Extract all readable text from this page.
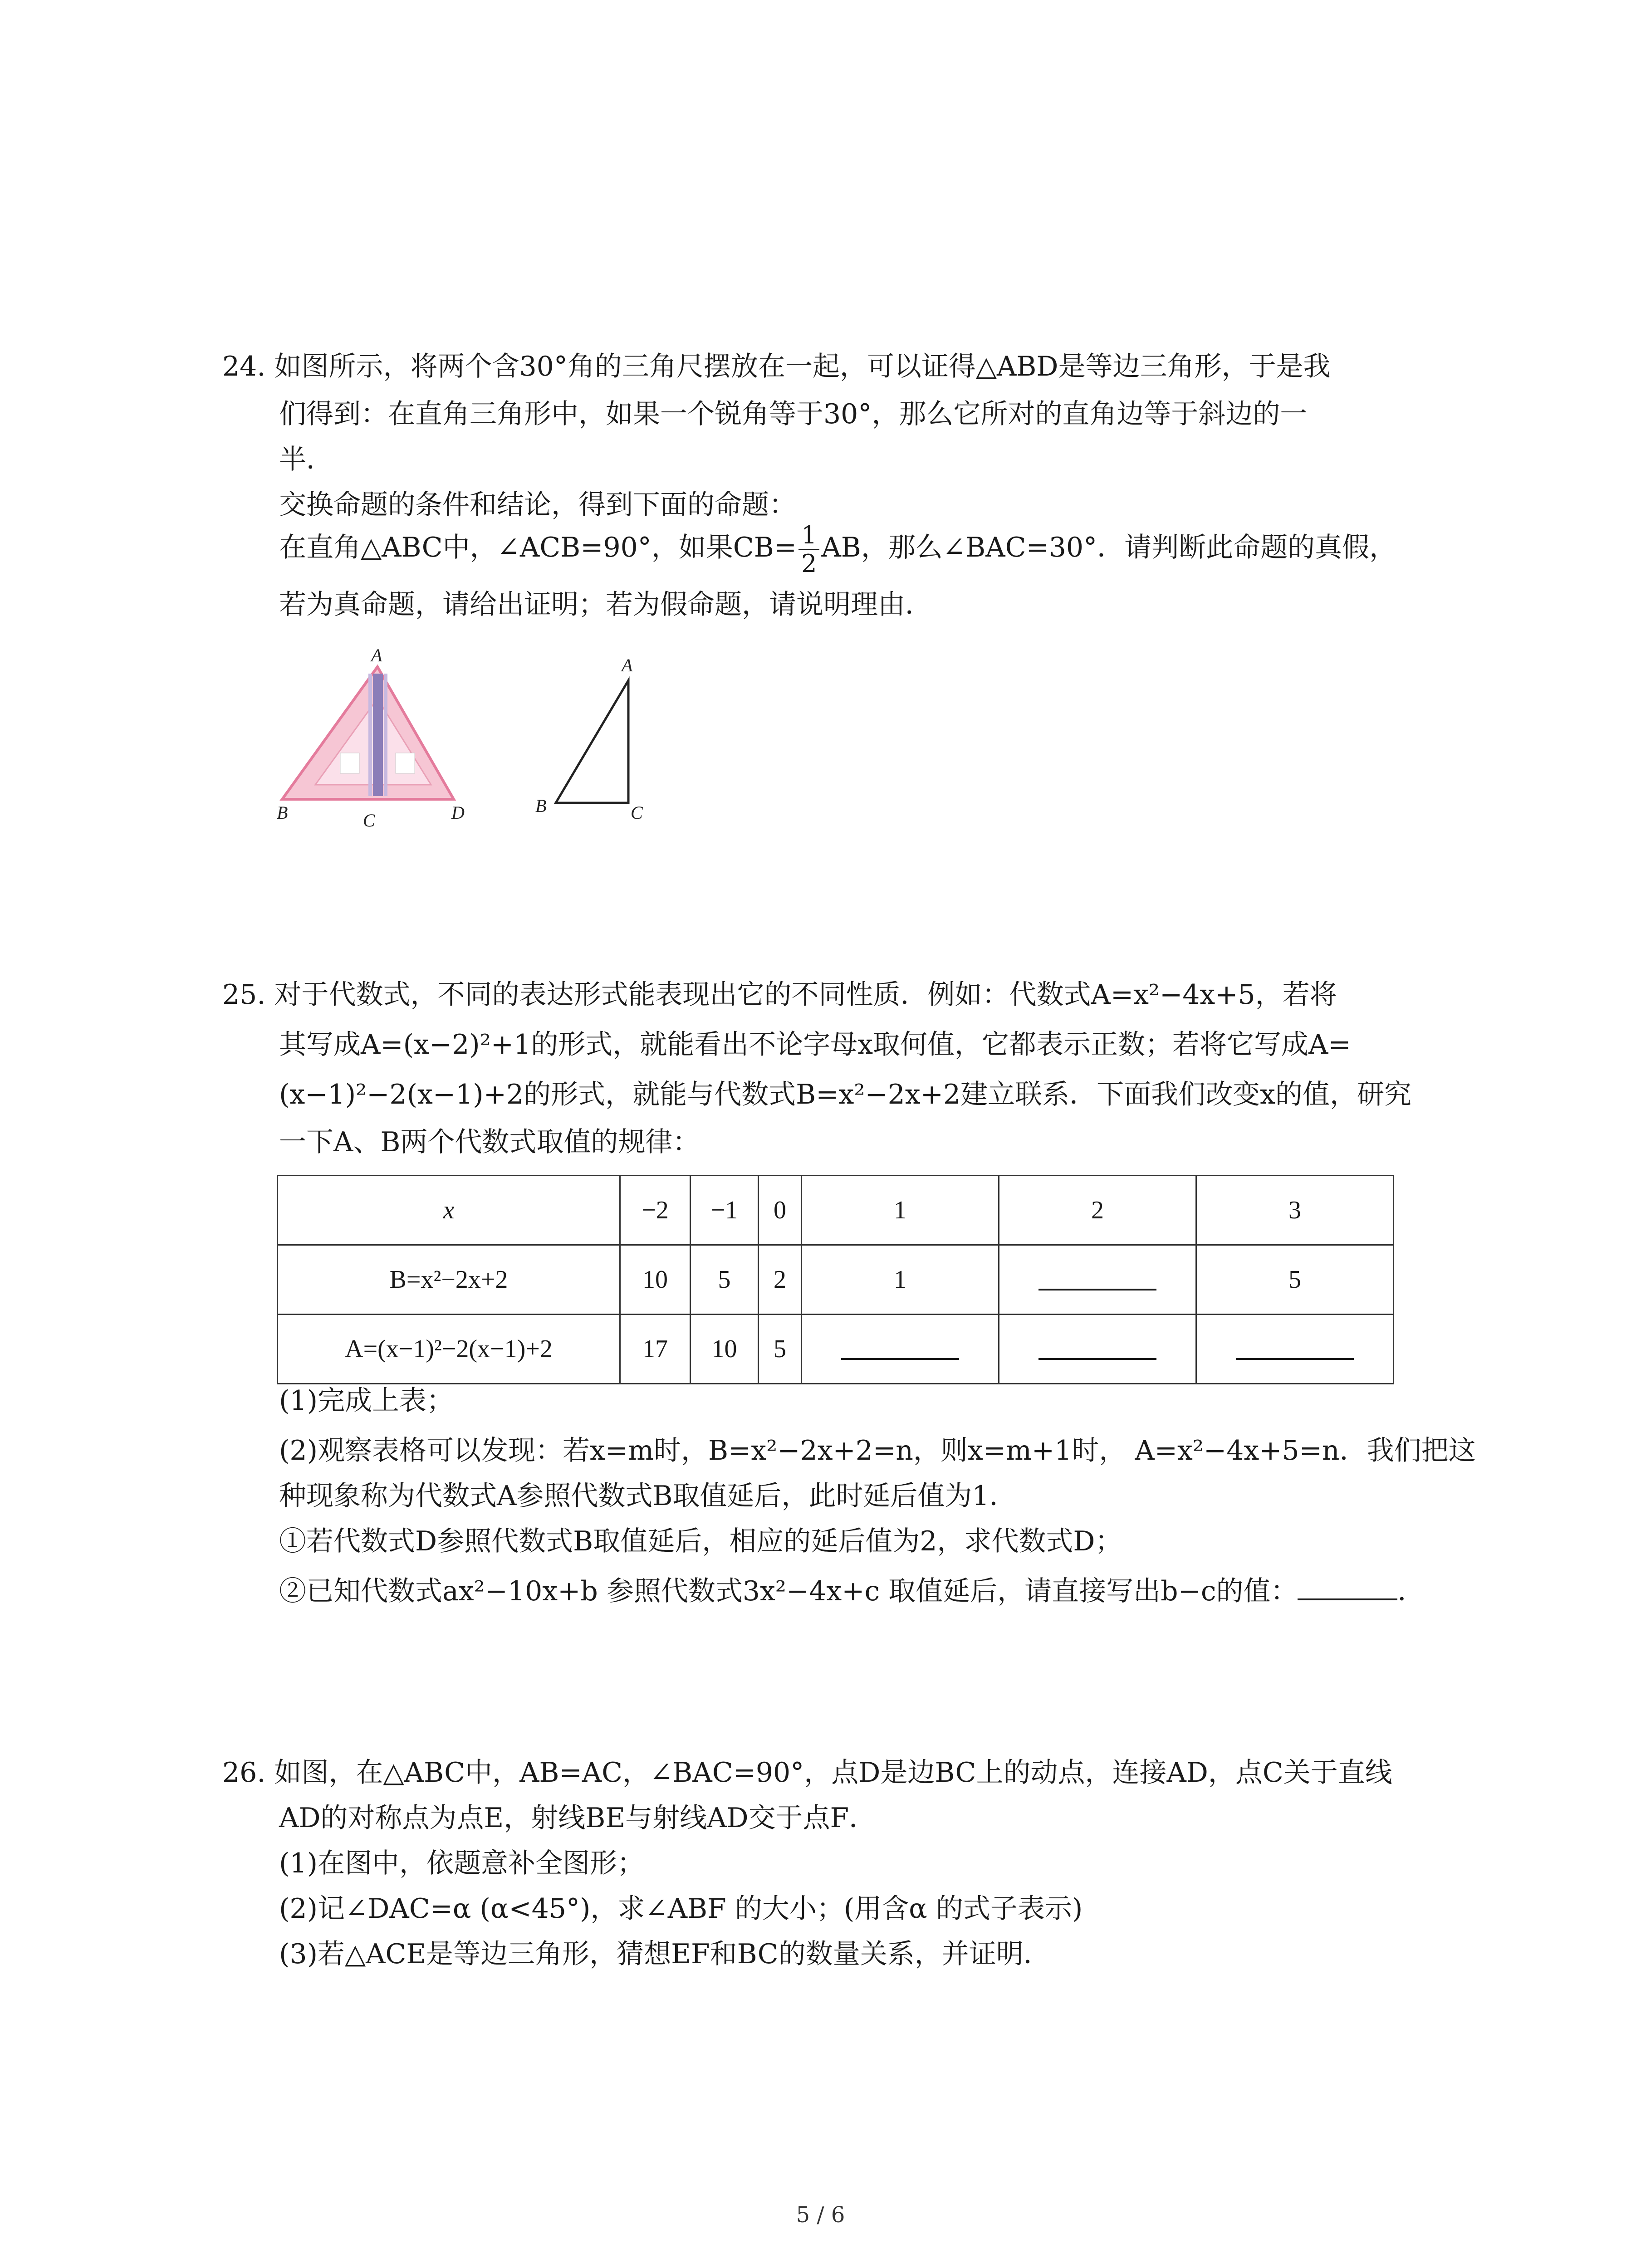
24. 如图所示，将两个含30°角的三角尺摆放在一起，可以证得△ABD是等边三角形，于是我
们得到：在直角三角形中，如果一个锐角等于30°，那么它所对的直角边等于斜边的一
半．
交换命题的条件和结论，得到下面的命题：
在直角△ABC中，∠ACB=90°，如果$CB= \frac{1}{2}$ AB，那么∠BAC=30°．请判断此命题的真假，
若为真命题，请给出证明；若为假命题，请说明理由．
A
B	C	D
A
B	C
25. 对于代数式，不同的表达形式能表现出它的不同性质．例如：代数式A=x²−4x+5，若将
其写成A=(x−2)²+1的形式，就能看出不论字母x取何值，它都表示正数；若将它写成A=
(x−1)²−2(x−1)+2的形式，就能与代数式B=x²−2x+2建立联系．下面我们改变x的值，研究
一下A、B两个代数式取值的规律：
x	−2	−1	0	1	2	3
B=x²−2x+2	10	5	2	1		5
A=(x−1)²−2(x−1)+2	17	10	5			
(1)完成上表；
(2)观察表格可以发现：若x=m时，B=x²−2x+2=n，则x=m+1时， A=x²−4x+5=n．我们把这
种现象称为代数式A参照代数式B取值延后，此时延后值为1．
①若代数式D参照代数式B取值延后，相应的延后值为2，求代数式D；
②已知代数式ax²−10x+b 参照代数式3x²−4x+c 取值延后，请直接写出b−c的值：	．
26. 如图，在△ABC中，AB=AC，∠BAC=90°，点D是边BC上的动点，连接AD，点C关于直线
AD的对称点为点E，射线BE与射线AD交于点F．
(1)在图中，依题意补全图形；
(2)记∠DAC=α (α<45°)，求∠ABF 的大小；(用含α 的式子表示)
(3)若△ACE是等边三角形，猜想EF和BC的数量关系，并证明．
5 / 6
